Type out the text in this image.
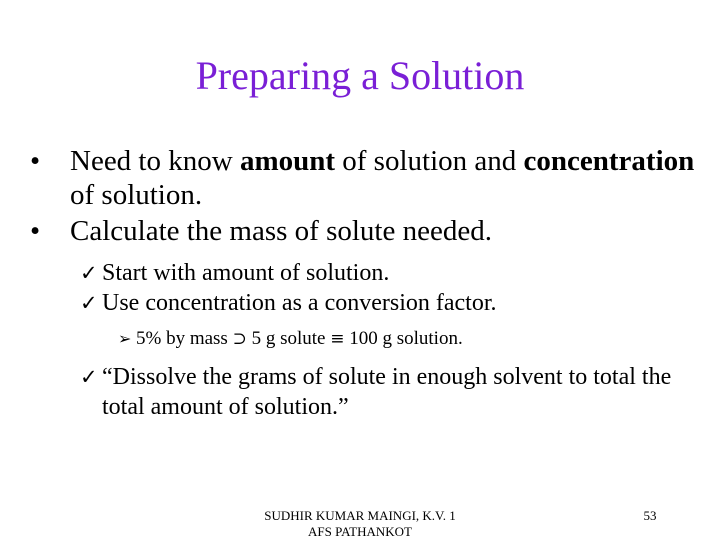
Preparing a Solution
•	Need to know amount of solution and concentration of solution.
•	Calculate the mass of solute needed.
✓ Start with amount of solution.
✓ Use concentration as a conversion factor.
➢ 5% by mass ⊃ 5 g solute ≡ 100 g solution.
✓ “Dissolve the grams of solute in enough solvent to total the total amount of solution.”
SUDHIR KUMAR MAINGI, K.V. 1
AFS PATHANKOT
53
